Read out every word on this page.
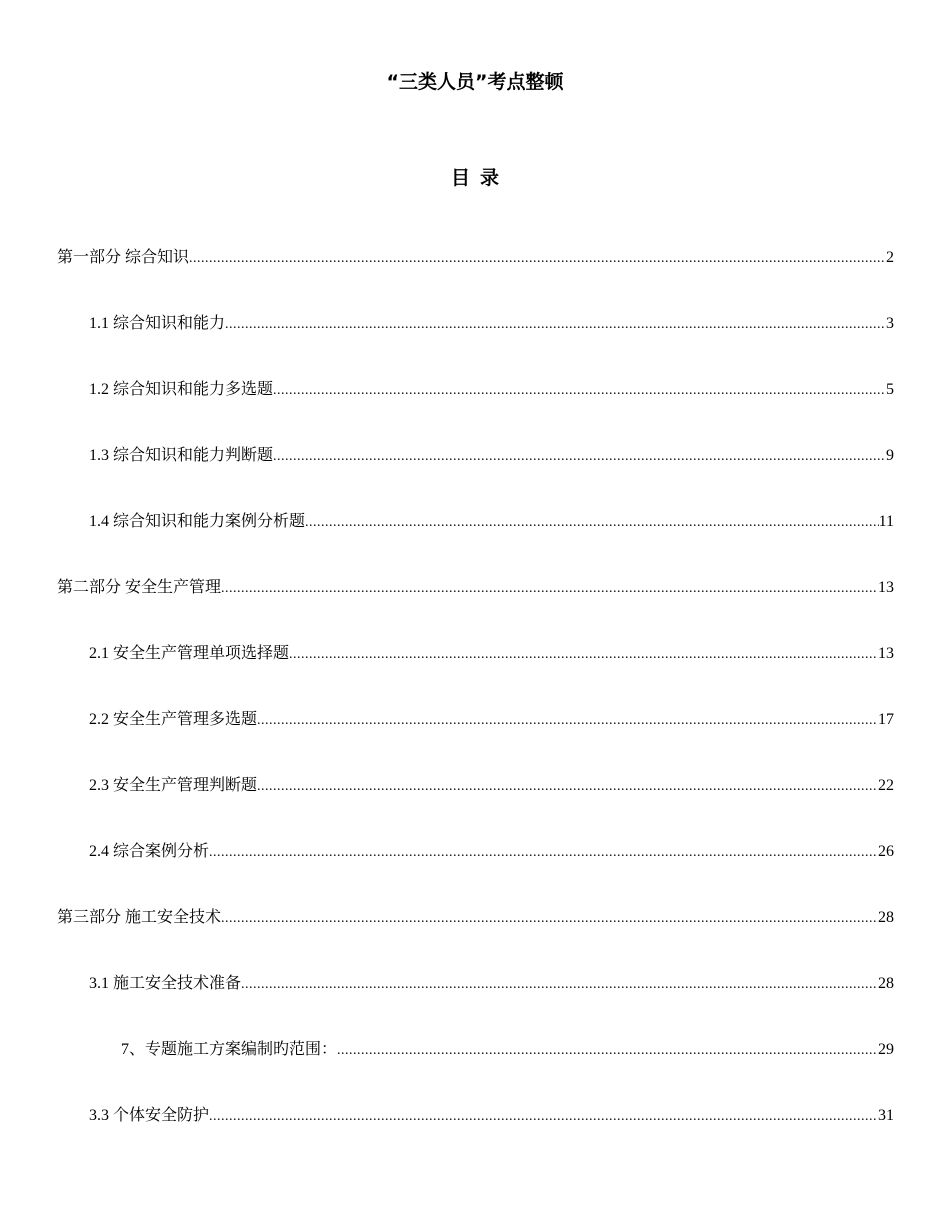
“三类人员”考点整顿
目录
第一部分 综合知识 .....	2
1.1 综合知识和能力 .....	3
1.2 综合知识和能力多选题 .....	5
1.3 综合知识和能力判断题 .....	9
1.4 综合知识和能力案例分析题 .....	11
第二部分 安全生产管理 .....	13
2.1 安全生产管理单项选择题 .....	13
2.2 安全生产管理多选题 .....	17
2.3 安全生产管理判断题 .....	22
2.4 综合案例分析 .....	26
第三部分 施工安全技术 .....	28
3.1 施工安全技术准备 .....	28
7、专题施工方案编制旳范围： .....	29
3.3 个体安全防护 .....	31
